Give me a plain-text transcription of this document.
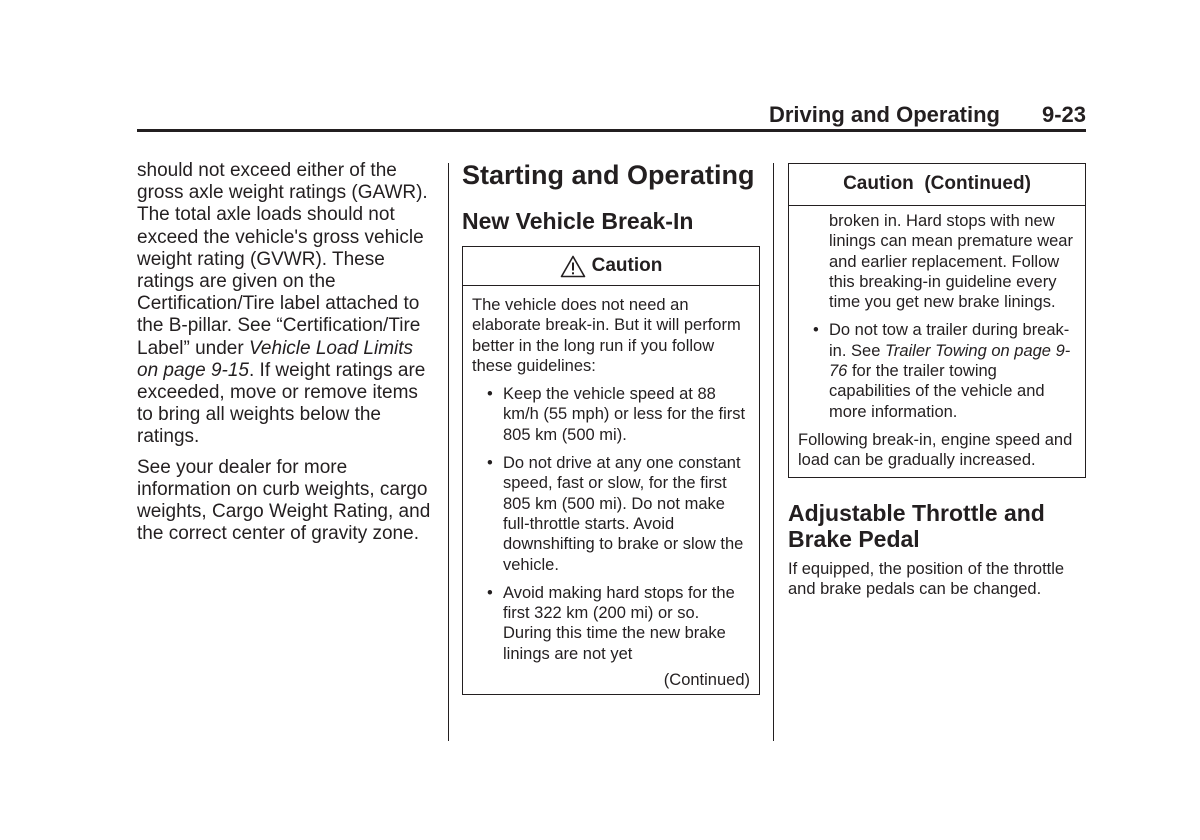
Driving and Operating 9-23

should not exceed either of the gross axle weight ratings (GAWR). The total axle loads should not exceed the vehicle's gross vehicle weight rating (GVWR). These ratings are given on the Certification/Tire label attached to the B-pillar. See “Certification/Tire Label” under Vehicle Load Limits on page 9-15. If weight ratings are exceeded, move or remove items to bring all weights below the ratings.

See your dealer for more information on curb weights, cargo weights, Cargo Weight Rating, and the correct center of gravity zone.

Starting and Operating
New Vehicle Break-In
Caution

The vehicle does not need an elaborate break-in. But it will perform better in the long run if you follow these guidelines:

• Keep the vehicle speed at 88 km/h (55 mph) or less for the first 805 km (500 mi).
• Do not drive at any one constant speed, fast or slow, for the first 805 km (500 mi). Do not make full-throttle starts. Avoid downshifting to brake or slow the vehicle.
• Avoid making hard stops for the first 322 km (200 mi) or so. During this time the new brake linings are not yet
(Continued)
Caution  (Continued)

broken in. Hard stops with new linings can mean premature wear and earlier replacement. Follow this breaking-in guideline every time you get new brake linings.

• Do not tow a trailer during break-in. See Trailer Towing on page 9-76 for the trailer towing capabilities of the vehicle and more information.

Following break-in, engine speed and load can be gradually increased.

Adjustable Throttle and Brake Pedal

If equipped, the position of the throttle and brake pedals can be changed.
